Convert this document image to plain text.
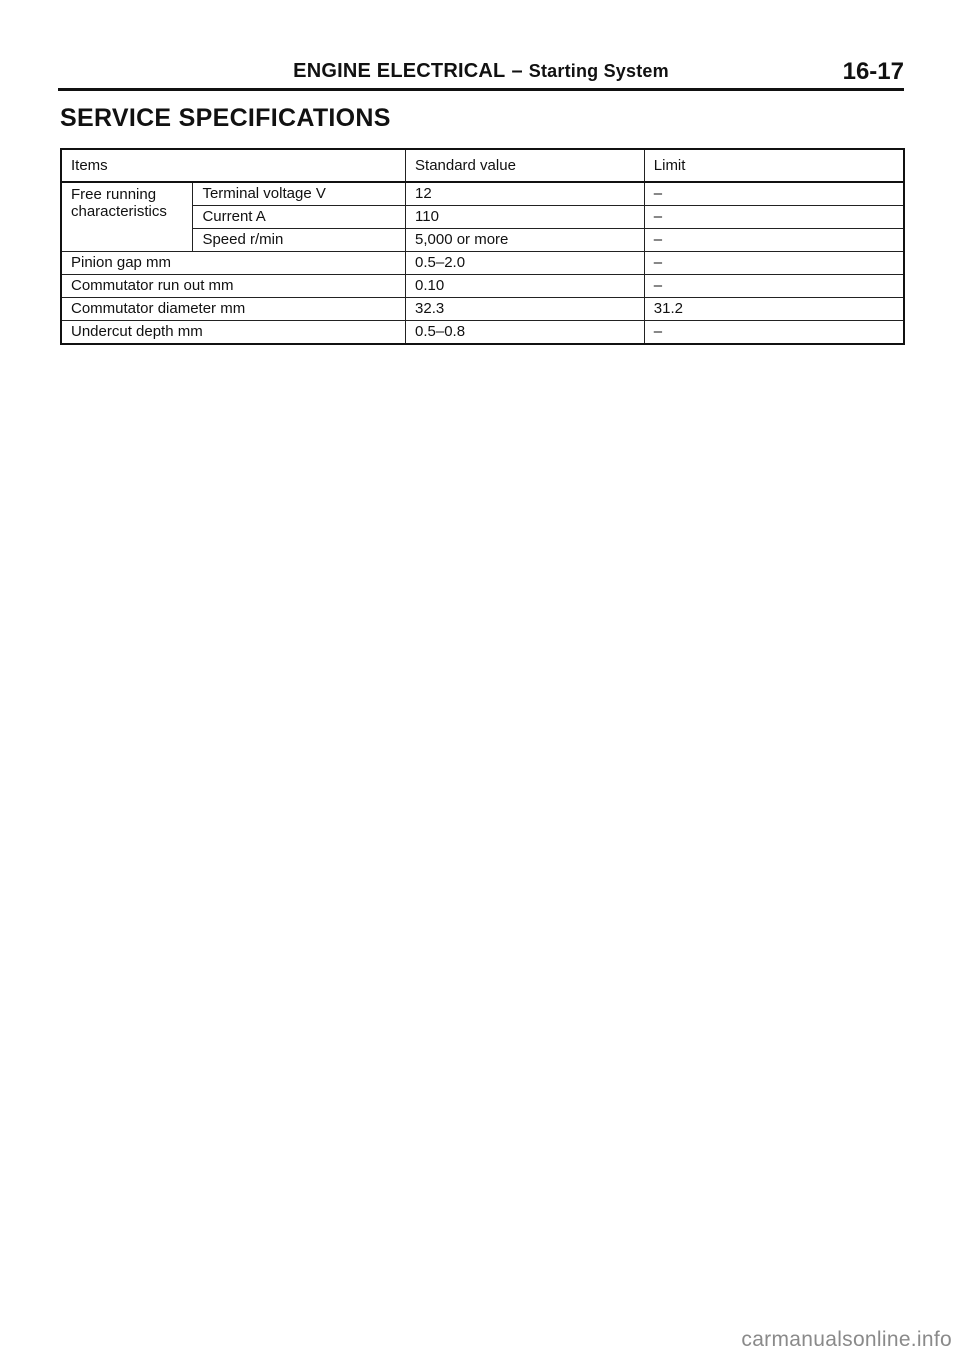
ENGINE ELECTRICAL – Starting System	16-17
SERVICE SPECIFICATIONS
Items		Standard value	Limit
Free running characteristics	Terminal voltage V	12	–
	Current A	110	–
	Speed r/min	5,000 or more	–
Pinion gap mm		0.5–2.0	–
Commutator run out mm		0.10	–
Commutator diameter mm		32.3	31.2
Undercut depth mm		0.5–0.8	–
carmanualsonline.info
